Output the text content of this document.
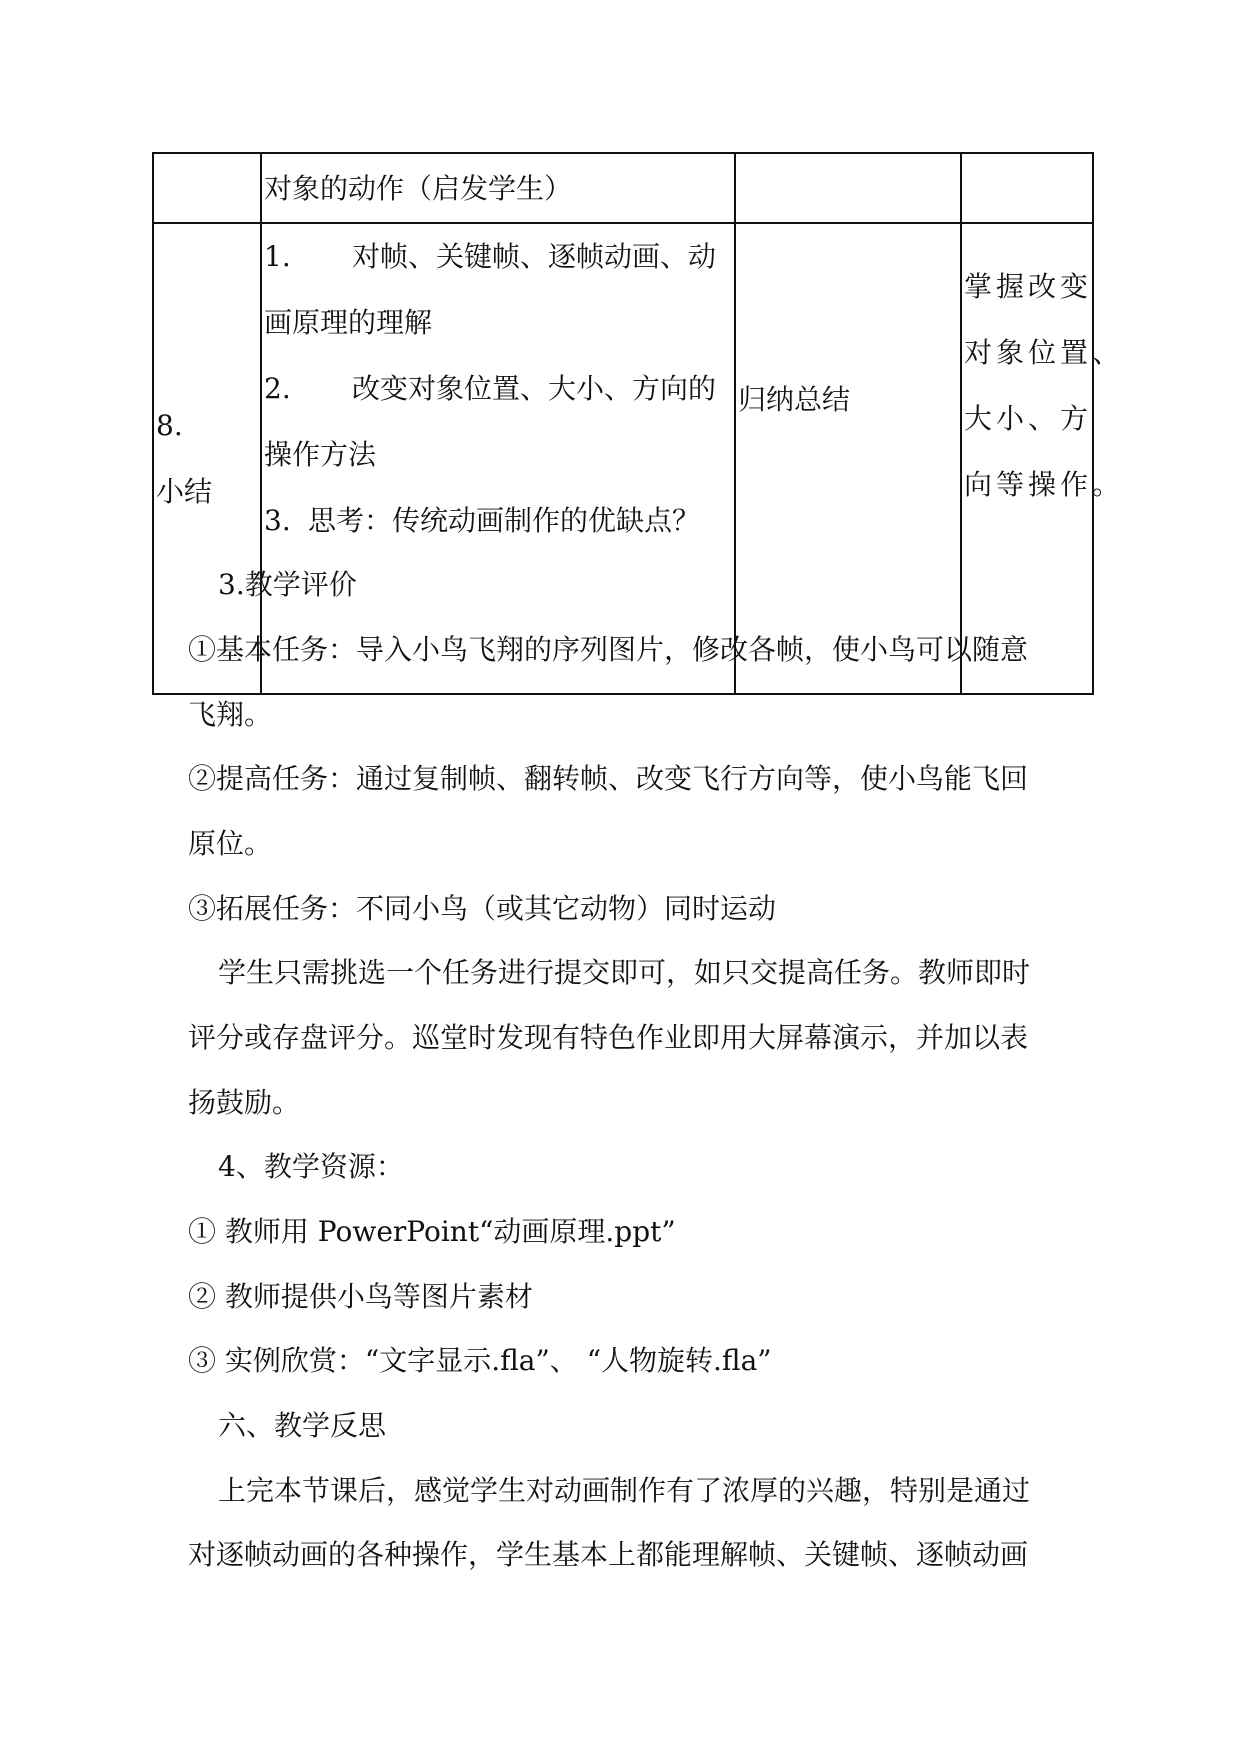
	对象的动作（启发学生）		

8.
小结	1. 对帧、关键帧、逐帧动画、动
画原理的理解
2. 改变对象位置、大小、方向的
操作方法
3. 思考：传统动画制作的优缺点？	归纳总结	掌握改变
对象位置、
大小、方
向等操作。

3.教学评价

①基本任务：导入小鸟飞翔的序列图片，修改各帧，使小鸟可以随意

飞翔。

②提高任务：通过复制帧、翻转帧、改变飞行方向等，使小鸟能飞回

原位。

③拓展任务：不同小鸟（或其它动物）同时运动

学生只需挑选一个任务进行提交即可，如只交提高任务。教师即时

评分或存盘评分。巡堂时发现有特色作业即用大屏幕演示，并加以表

扬鼓励。

4、教学资源：

① 教师用 PowerPoint“动画原理.ppt”

② 教师提供小鸟等图片素材

③ 实例欣赏：“文字显示.fla”、 “人物旋转.fla”

六、教学反思

上完本节课后，感觉学生对动画制作有了浓厚的兴趣，特别是通过

对逐帧动画的各种操作，学生基本上都能理解帧、关键帧、逐帧动画
